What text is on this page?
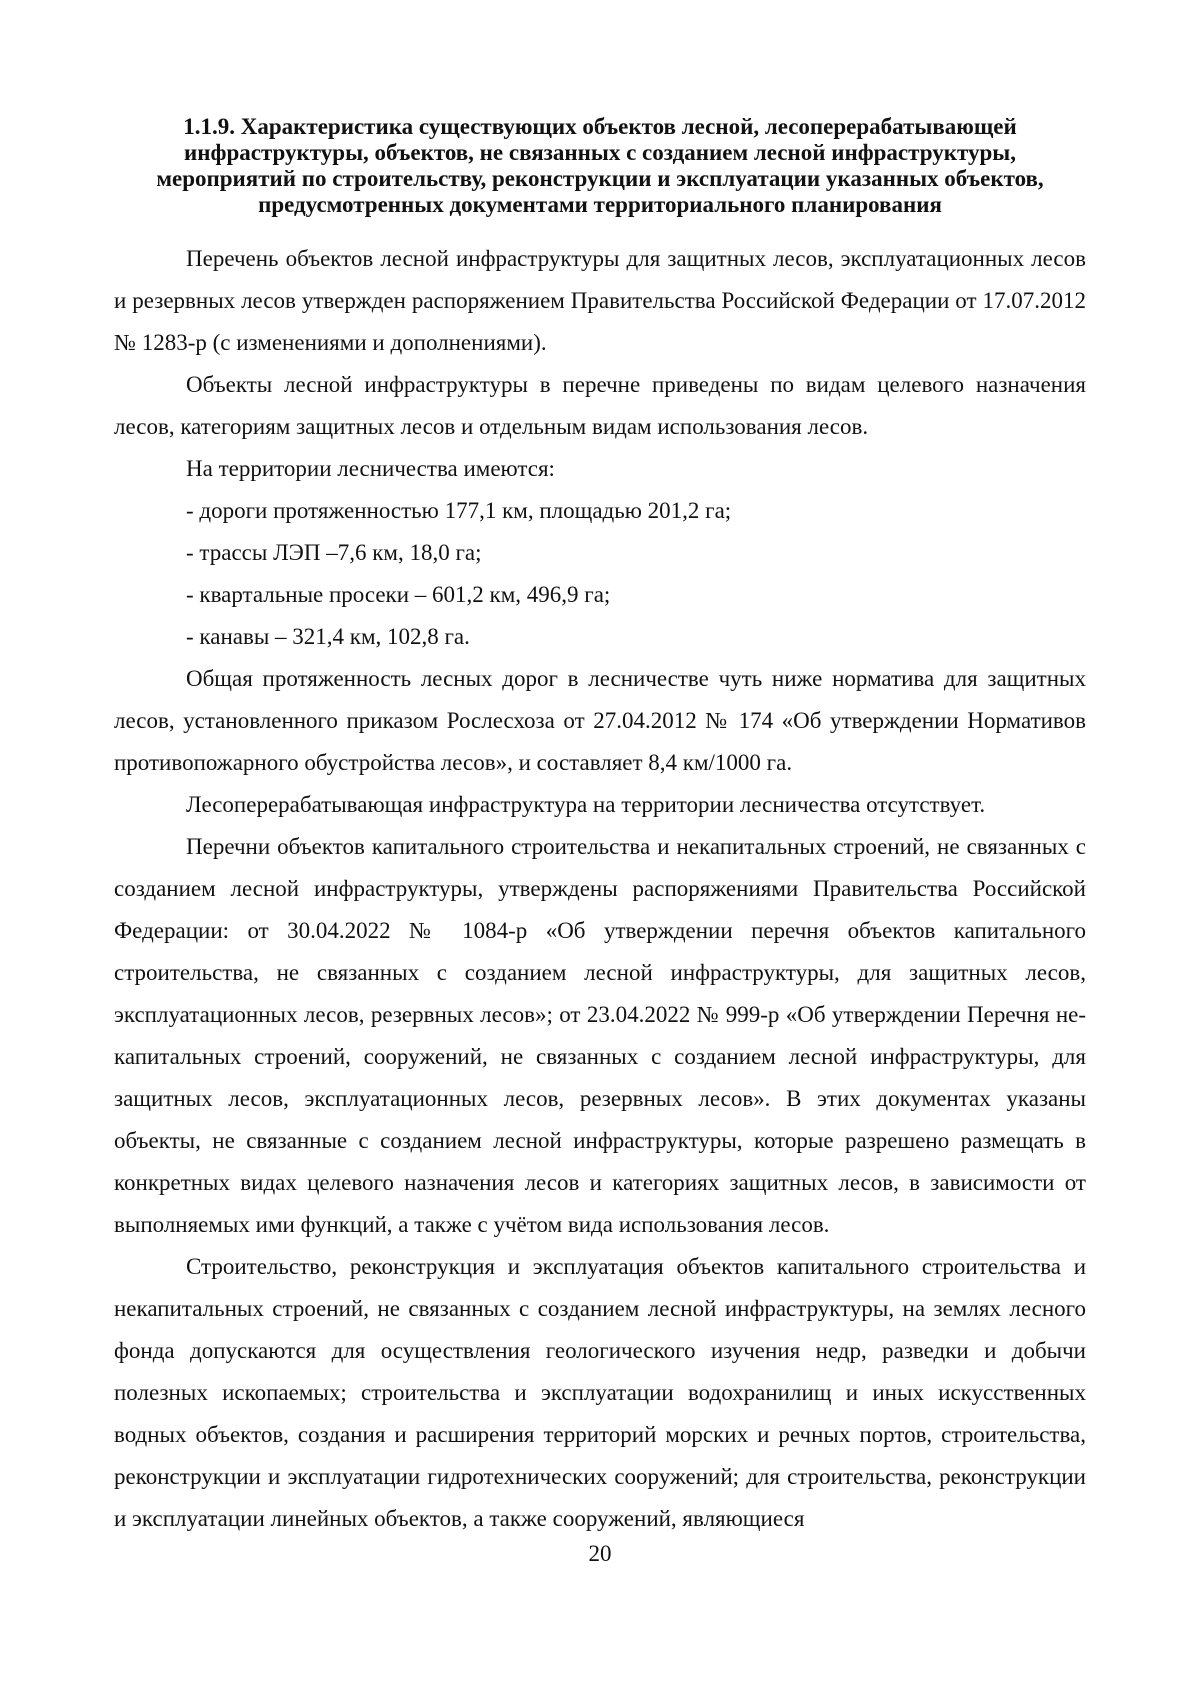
1.1.9. Характеристика существующих объектов лесной, лесоперерабатывающей
инфраструктуры, объектов, не связанных с созданием лесной инфраструктуры,
мероприятий по строительству, реконструкции и эксплуатации указанных объектов,
предусмотренных документами территориального планирования

Перечень объектов лесной инфраструктуры для защитных лесов, эксплуатационных лесов и резервных лесов утвержден распоряжением Правительства Российской Федерации от 17.07.2012 № 1283-р (с изменениями и дополнениями).

Объекты лесной инфраструктуры в перечне приведены по видам целевого назначения лесов, категориям защитных лесов и отдельным видам использования лесов.

На территории лесничества имеются:

- дороги протяженностью 177,1 км, площадью 201,2 га;

- трассы ЛЭП –7,6 км, 18,0 га;

- квартальные просеки – 601,2 км, 496,9 га;

- канавы – 321,4 км, 102,8 га.

Общая протяженность лесных дорог в лесничестве чуть ниже норматива для защитных лесов, установленного приказом Рослесхоза от 27.04.2012 № 174 «Об утверждении Нормативов противопожарного обустройства лесов», и составляет 8,4 км/1000 га.

Лесоперерабатывающая инфраструктура на территории лесничества отсутствует.

Перечни объектов капитального строительства и некапитальных строений, не связанных с созданием лесной инфраструктуры, утверждены распоряжениями Правительства Российской Федерации: от 30.04.2022 № 1084-р «Об утверждении перечня объектов капитального строительства, не связанных с созданием лесной инфраструктуры, для защитных лесов, эксплуатационных лесов, резервных лесов»; от 23.04.2022 № 999-р «Об утверждении Перечня не-капитальных строений, сооружений, не связанных с созданием лесной инфраструктуры, для защитных лесов, эксплуатационных лесов, резервных лесов». В этих документах указаны объекты, не связанные с созданием лесной инфраструктуры, которые разрешено размещать в конкретных видах целевого назначения лесов и категориях защитных лесов, в зависимости от выполняемых ими функций, а также с учётом вида использования лесов.

Строительство, реконструкция и эксплуатация объектов капитального строительства и некапитальных строений, не связанных с созданием лесной инфраструктуры, на землях лесного фонда допускаются для осуществления геологического изучения недр, разведки и добычи полезных ископаемых; строительства и эксплуатации водохранилищ и иных искусственных водных объектов, создания и расширения территорий морских и речных портов, строительства, реконструкции и эксплуатации гидротехнических сооружений; для строительства, реконструкции и эксплуатации линейных объектов, а также сооружений, являющиеся

20
